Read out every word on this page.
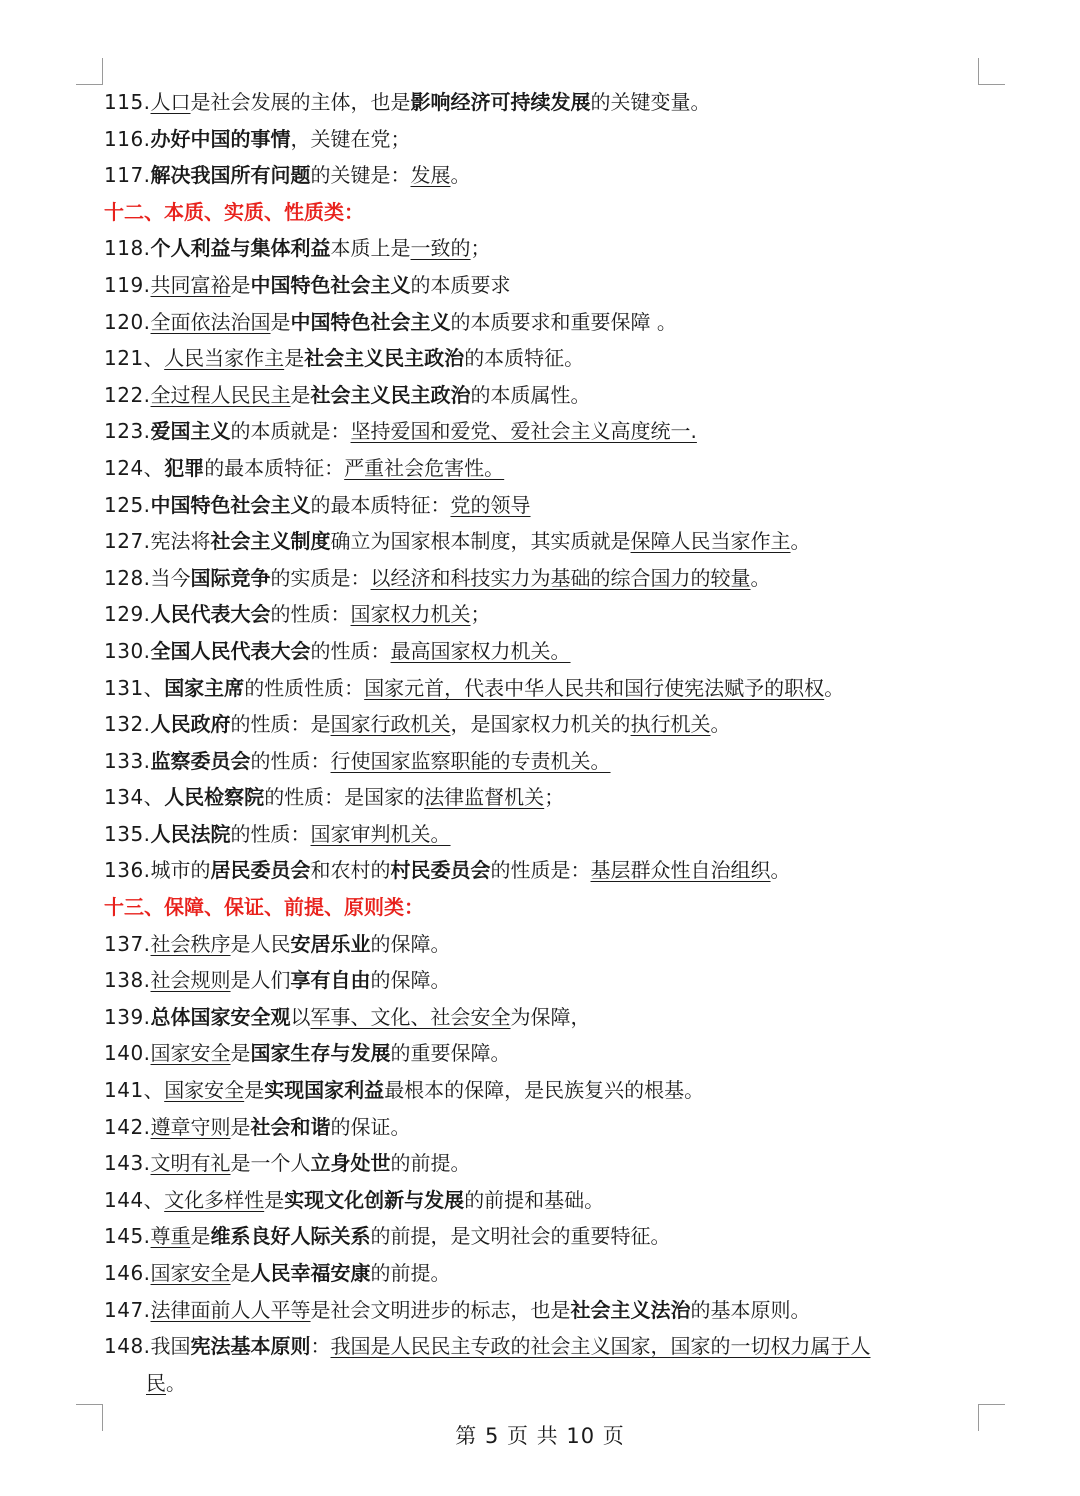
115.人口是社会发展的主体，也是影响经济可持续发展的关键变量。
116.办好中国的事情，关键在党；
117.解决我国所有问题的关键是：发展。
十二、本质、实质、性质类：
118.个人利益与集体利益本质上是一致的；
119.共同富裕是中国特色社会主义的本质要求
120.全面依法治国是中国特色社会主义的本质要求和重要保障 。
121、人民当家作主是社会主义民主政治的本质特征。
122.全过程人民民主是社会主义民主政治的本质属性。
123.爱国主义的本质就是：坚持爱国和爱党、爱社会主义高度统一.
124、犯罪的最本质特征：严重社会危害性。
125.中国特色社会主义的最本质特征：党的领导
127.宪法将社会主义制度确立为国家根本制度，其实质就是保障人民当家作主。
128.当今国际竞争的实质是：以经济和科技实力为基础的综合国力的较量。
129.人民代表大会的性质：国家权力机关；
130.全国人民代表大会的性质：最高国家权力机关。
131、国家主席的性质性质：国家元首，代表中华人民共和国行使宪法赋予的职权。
132.人民政府的性质：是国家行政机关，是国家权力机关的执行机关。
133.监察委员会的性质：行使国家监察职能的专责机关。
134、人民检察院的性质：是国家的法律监督机关；
135.人民法院的性质：国家审判机关。
136.城市的居民委员会和农村的村民委员会的性质是：基层群众性自治组织。
十三、保障、保证、前提、原则类：
137.社会秩序是人民安居乐业的保障。
138.社会规则是人们享有自由的保障。
139.总体国家安全观以军事、文化、社会安全为保障，
140.国家安全是国家生存与发展的重要保障。
141、国家安全是实现国家利益最根本的保障，是民族复兴的根基。
142.遵章守则是社会和谐的保证。
143.文明有礼是一个人立身处世的前提。
144、文化多样性是实现文化创新与发展的前提和基础。
145.尊重是维系良好人际关系的前提，是文明社会的重要特征。
146.国家安全是人民幸福安康的前提。
147.法律面前人人平等是社会文明进步的标志，也是社会主义法治的基本原则。
148.我国宪法基本原则：我国是人民民主专政的社会主义国家，国家的一切权力属于人
民。
第 5 页 共 10 页
